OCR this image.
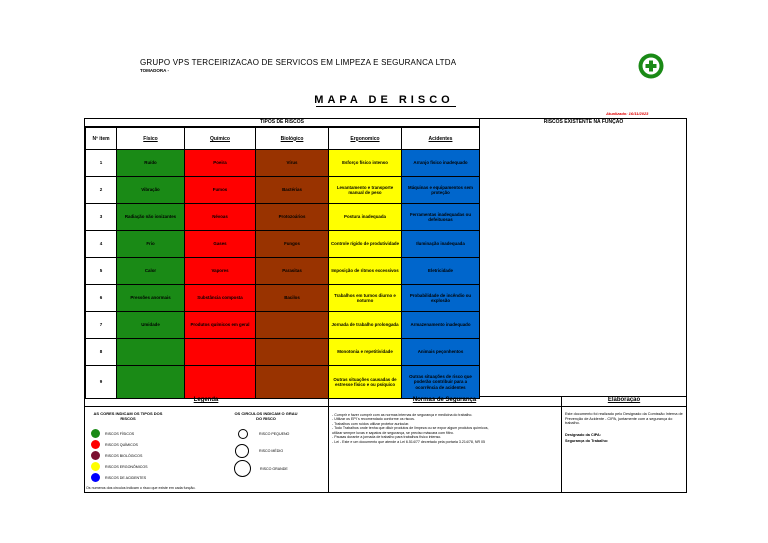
GRUPO VPS TERCEIRIZACAO DE SERVICOS EM LIMPEZA E SEGURANCA LTDA
TOMADORA -
MAPA DE RISCO
Atualizado: 16/11/2023
TIPOS DE RISCOS	RISCOS EXISTENTE NA FUNÇÃO
Nº item	Físico	Químico	Biológico	Ergonomico	Acidentes
1	Ruído	Poeira	Vírus	Esforço físico intenso	Arranjo físico inadequado
2	Vibração	Fumos	Bactérias	Levantamento e transporte manual de peso	Máquinas e equipamentos sem proteção
3	Radiação não ionizantes	Névoas	Protozoários	Postura inadequada	Ferramentas inadequadas ou defeituosas
4	Frio	Gases	Fungos	Controle rígido de produtividade	Iluminação inadequada
5	Calor	Vapores	Parasitas	Imposição de ritmos excessivos	Eletricidade
6	Pressões anormais	Substância composta	Bacilos	Trabalhos em turnos diurno e noturno	Probabilidade de incêndio ou explosão
7	Umidade	Produtos químicos em geral		Jornada de trabalho prolongada	Armazenamento inadequado
8				Monotonia e repetitividade	Animais peçonhentos
9				Outras situações causadas de estresse físico e ou psíquico	Outras situações de risco que poderão contribuir para a ocorrência de acidentes
Legenda
AS CORES INDICAM OS TIPOS DOS RISCOS
OS CIRCULOS INDICAM O GRAU DO RISCO
RISCOS FÍSICOS
RISCOS QUÍMICOS
RISCOS BIOLÓGICOS
RISCOS ERGONÔMICOS
RISCOS DE ACIDENTES
RISCO PEQUENO
RISCO MÉDIO
RISCO GRANDE
Os numeros dos circulos indicam o risco que existe em cada função.
Normas de Segurança
- Cumprir e fazer cumprir com as normas internas de segurança e medicina do trabalho.
- Utilizar os EPI´s recomendado conforme os riscos.
- Trabalhos com ruídos utilizar protetor auricular.
- Todo Trabalhos onde tenha que diluir produtos de limpeza ou se expor algum produtos químicos,
utilizar sempre luvas e sapatos de segurança, se preciso máscara com filtro.
- Pausas durante a jornada de trabalho para trabalhos físico intenso.
- Lei - Este e um documento que atende a Lei 6.514/77 decretado pela portaria 3.214/78, NR 05
Elaboração
Este documento foi realizado pelo Designado da Comissão Interna de Prevenção de Acidente - CIPA, juntamente com a segurança do trabalho.
Designado da CIPA:
Segurança do Trabalho:
